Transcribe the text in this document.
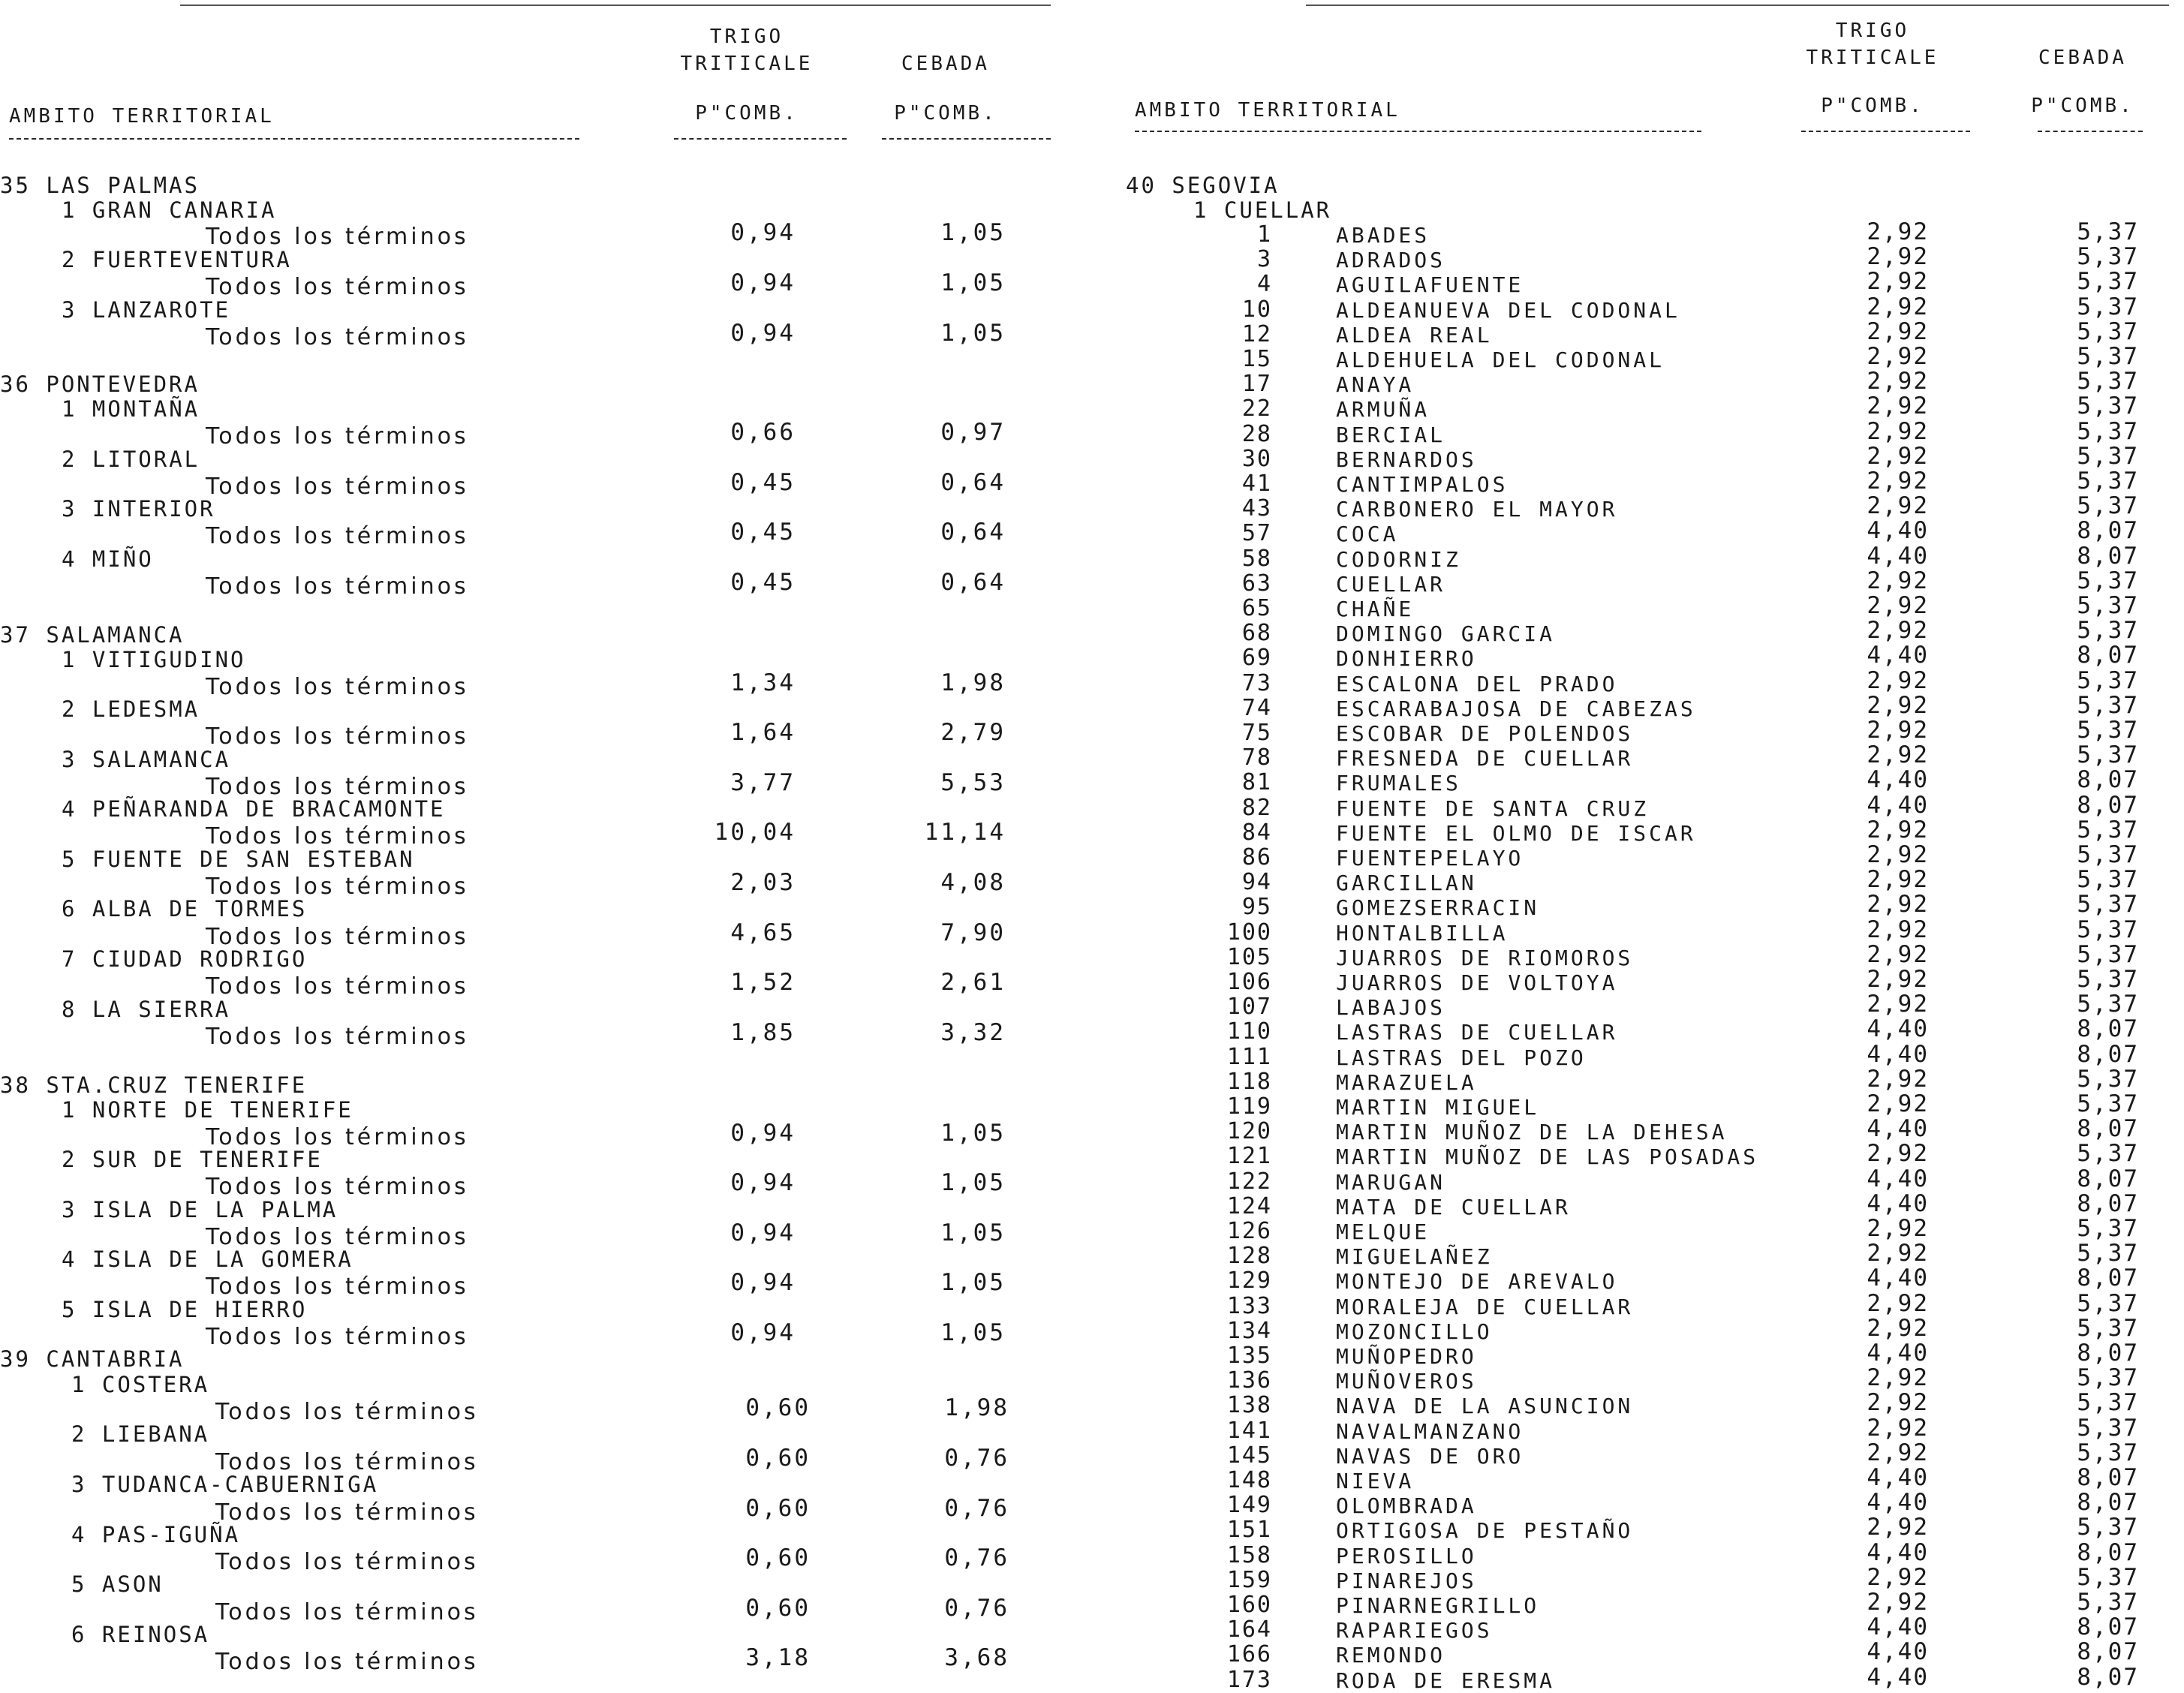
TRIGO
TRITICALE	CEBADA
AMBITO TERRITORIAL	P"COMB.	P"COMB.
TRIGO
TRITICALE	CEBADA
AMBITO TERRITORIAL	P"COMB.	P"COMB.
35 LAS PALMAS
1 GRAN CANARIA
Todos los términos	0,94	1,05
2 FUERTEVENTURA
Todos los términos	0,94	1,05
3 LANZAROTE
Todos los términos	0,94	1,05
36 PONTEVEDRA
1 MONTAÑA
Todos los términos	0,66	0,97
2 LITORAL
Todos los términos	0,45	0,64
3 INTERIOR
Todos los términos	0,45	0,64
4 MIÑO
Todos los términos	0,45	0,64
37 SALAMANCA
1 VITIGUDINO
Todos los términos	1,34	1,98
2 LEDESMA
Todos los términos	1,64	2,79
3 SALAMANCA
Todos los términos	3,77	5,53
4 PEÑARANDA DE BRACAMONTE
Todos los términos	10,04	11,14
5 FUENTE DE SAN ESTEBAN
Todos los términos	2,03	4,08
6 ALBA DE TORMES
Todos los términos	4,65	7,90
7 CIUDAD RODRIGO
Todos los términos	1,52	2,61
8 LA SIERRA
Todos los términos	1,85	3,32
38 STA.CRUZ TENERIFE
1 NORTE DE TENERIFE
Todos los términos	0,94	1,05
2 SUR DE TENERIFE
Todos los términos	0,94	1,05
3 ISLA DE LA PALMA
Todos los términos	0,94	1,05
4 ISLA DE LA GOMERA
Todos los términos	0,94	1,05
5 ISLA DE HIERRO
Todos los términos	0,94	1,05
39 CANTABRIA
1 COSTERA
Todos los términos	0,60	1,98
2 LIEBANA
Todos los términos	0,60	0,76
3 TUDANCA-CABUERNIGA
Todos los términos	0,60	0,76
4 PAS-IGUÑA
Todos los términos	0,60	0,76
5 ASON
Todos los términos	0,60	0,76
6 REINOSA
Todos los términos	3,18	3,68
40 SEGOVIA
1 CUELLAR
1	ABADES	2,92	5,37
3	ADRADOS	2,92	5,37
4	AGUILAFUENTE	2,92	5,37
10	ALDEANUEVA DEL CODONAL	2,92	5,37
12	ALDEA REAL	2,92	5,37
15	ALDEHUELA DEL CODONAL	2,92	5,37
17	ANAYA	2,92	5,37
22	ARMUÑA	2,92	5,37
28	BERCIAL	2,92	5,37
30	BERNARDOS	2,92	5,37
41	CANTIMPALOS	2,92	5,37
43	CARBONERO EL MAYOR	2,92	5,37
57	COCA	4,40	8,07
58	CODORNIZ	4,40	8,07
63	CUELLAR	2,92	5,37
65	CHAÑE	2,92	5,37
68	DOMINGO GARCIA	2,92	5,37
69	DONHIERRO	4,40	8,07
73	ESCALONA DEL PRADO	2,92	5,37
74	ESCARABAJOSA DE CABEZAS	2,92	5,37
75	ESCOBAR DE POLENDOS	2,92	5,37
78	FRESNEDA DE CUELLAR	2,92	5,37
81	FRUMALES	4,40	8,07
82	FUENTE DE SANTA CRUZ	4,40	8,07
84	FUENTE EL OLMO DE ISCAR	2,92	5,37
86	FUENTEPELAYO	2,92	5,37
94	GARCILLAN	2,92	5,37
95	GOMEZSERRACIN	2,92	5,37
100	HONTALBILLA	2,92	5,37
105	JUARROS DE RIOMOROS	2,92	5,37
106	JUARROS DE VOLTOYA	2,92	5,37
107	LABAJOS	2,92	5,37
110	LASTRAS DE CUELLAR	4,40	8,07
111	LASTRAS DEL POZO	4,40	8,07
118	MARAZUELA	2,92	5,37
119	MARTIN MIGUEL	2,92	5,37
120	MARTIN MUÑOZ DE LA DEHESA	4,40	8,07
121	MARTIN MUÑOZ DE LAS POSADAS	2,92	5,37
122	MARUGAN	4,40	8,07
124	MATA DE CUELLAR	4,40	8,07
126	MELQUE	2,92	5,37
128	MIGUELAÑEZ	2,92	5,37
129	MONTEJO DE AREVALO	4,40	8,07
133	MORALEJA DE CUELLAR	2,92	5,37
134	MOZONCILLO	2,92	5,37
135	MUÑOPEDRO	4,40	8,07
136	MUÑOVEROS	2,92	5,37
138	NAVA DE LA ASUNCION	2,92	5,37
141	NAVALMANZANO	2,92	5,37
145	NAVAS DE ORO	2,92	5,37
148	NIEVA	4,40	8,07
149	OLOMBRADA	4,40	8,07
151	ORTIGOSA DE PESTAÑO	2,92	5,37
158	PEROSILLO	4,40	8,07
159	PINAREJOS	2,92	5,37
160	PINARNEGRILLO	2,92	5,37
164	RAPARIEGOS	4,40	8,07
166	REMONDO	4,40	8,07
173	RODA DE ERESMA	4,40	8,07
